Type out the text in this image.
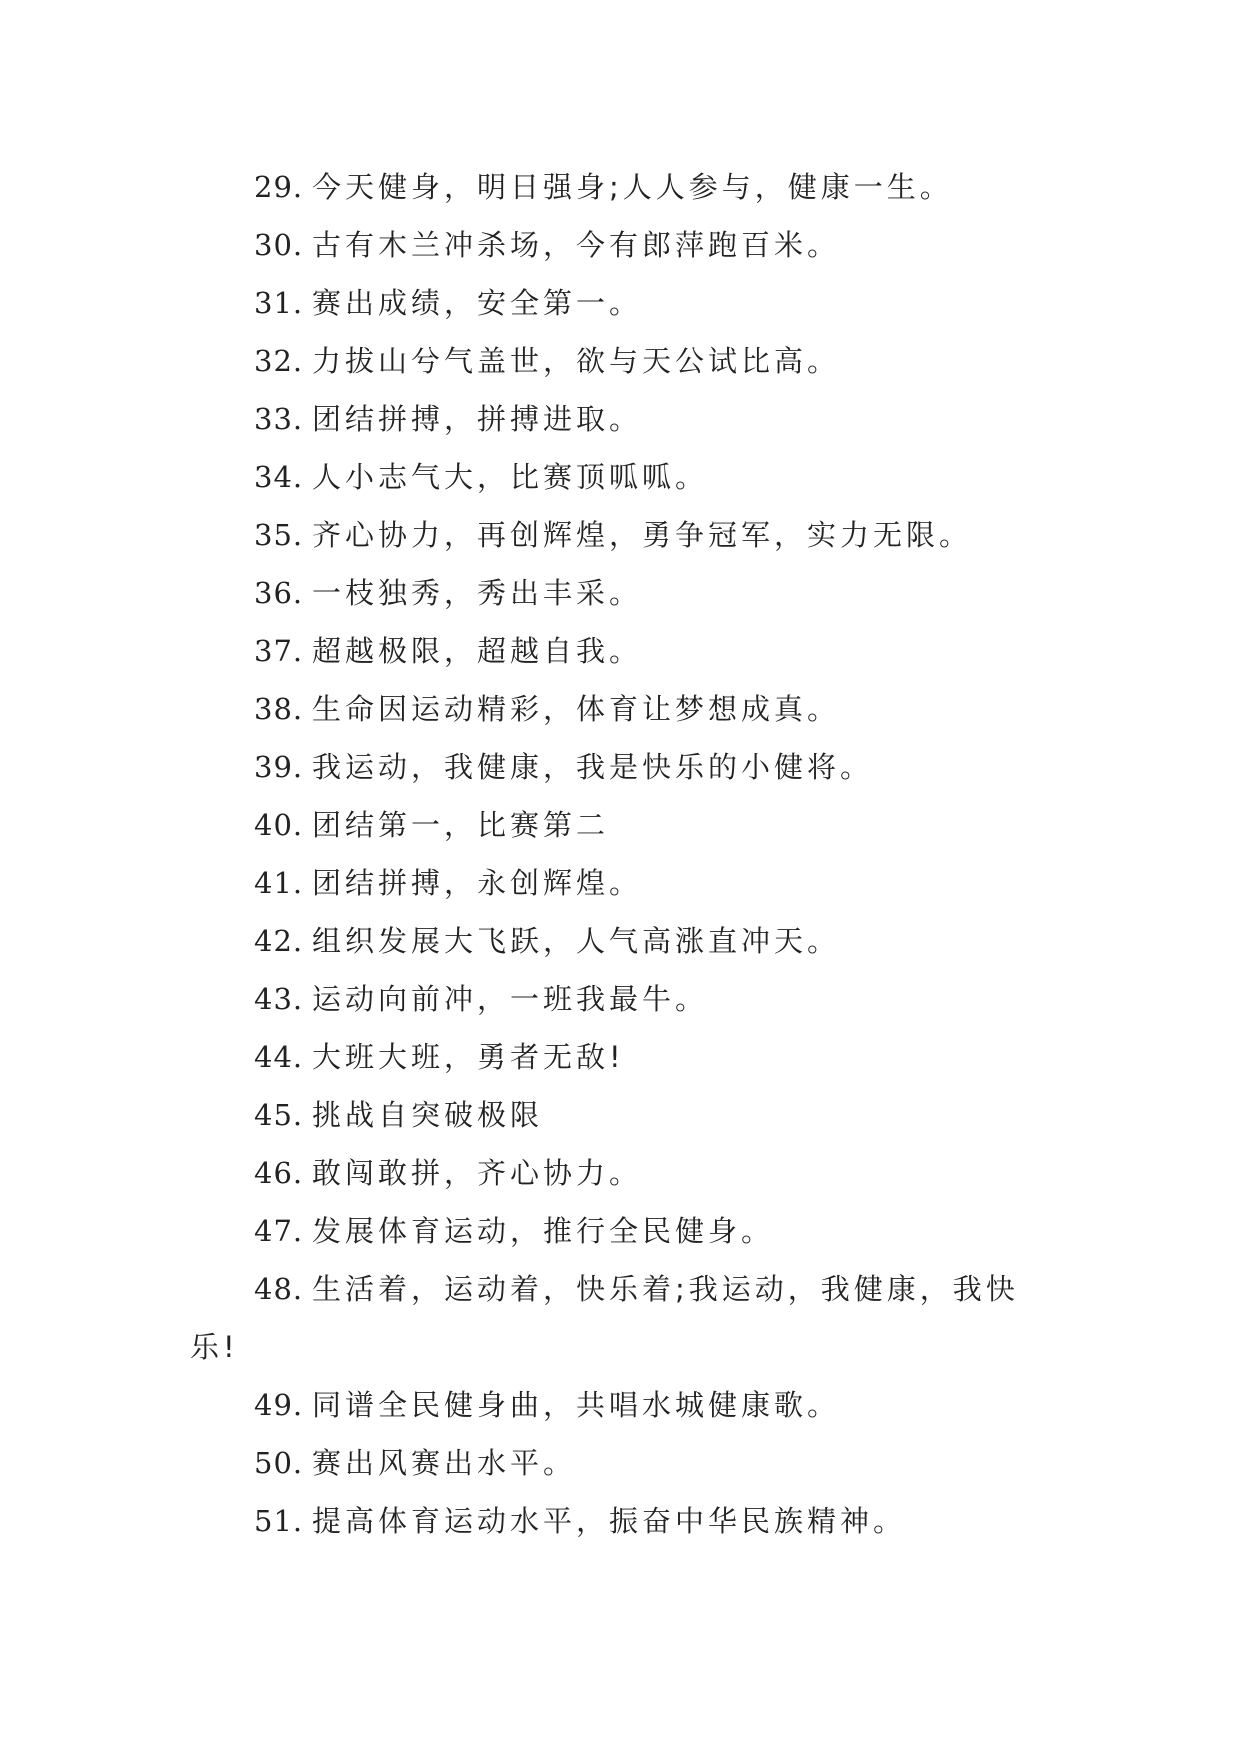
29. 今天健身，明日强身;人人参与，健康一生。

30. 古有木兰冲杀场，今有郎萍跑百米。

31. 赛出成绩，安全第一。

32. 力拔山兮气盖世，欲与天公试比高。

33. 团结拼搏，拼搏进取。

34. 人小志气大，比赛顶呱呱。

35. 齐心协力，再创辉煌，勇争冠军，实力无限。

36. 一枝独秀，秀出丰采。

37. 超越极限，超越自我。

38. 生命因运动精彩，体育让梦想成真。

39. 我运动，我健康，我是快乐的小健将。

40. 团结第一，比赛第二

41. 团结拼搏，永创辉煌。

42. 组织发展大飞跃，人气高涨直冲天。

43. 运动向前冲，一班我最牛。

44. 大班大班，勇者无敌!

45. 挑战自突破极限

46. 敢闯敢拼，齐心协力。

47. 发展体育运动，推行全民健身。

48. 生活着，运动着，快乐着;我运动，我健康，我快乐!

49. 同谱全民健身曲，共唱水城健康歌。

50. 赛出风赛出水平。

51. 提高体育运动水平，振奋中华民族精神。
